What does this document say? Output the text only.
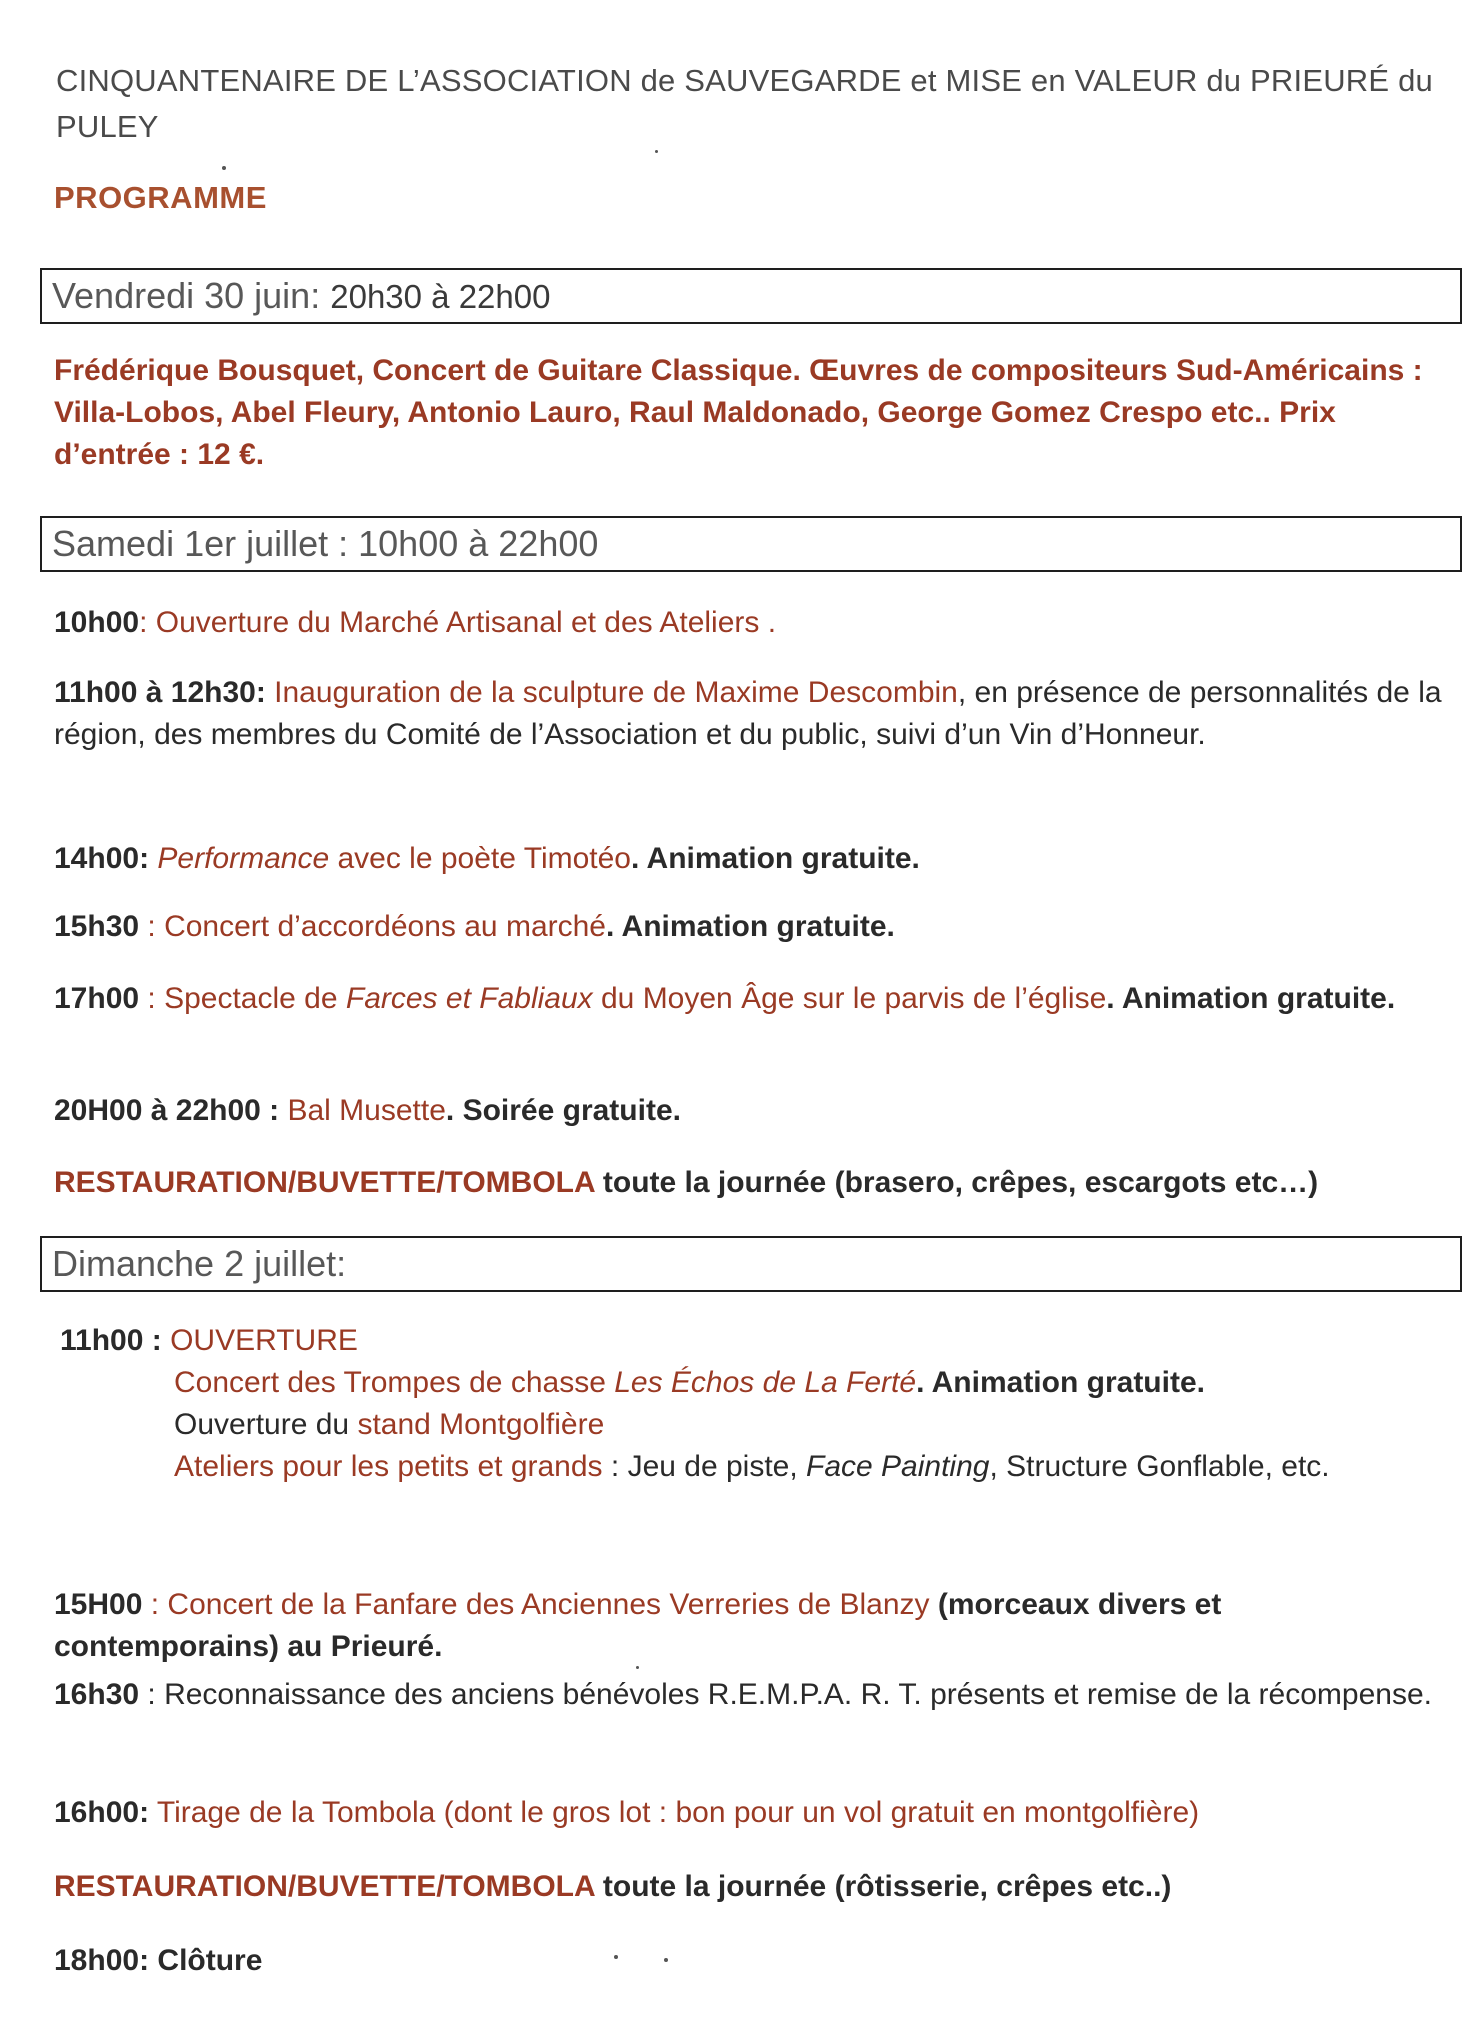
CINQUANTENAIRE DE L’ASSOCIATION de SAUVEGARDE et MISE en VALEUR du PRIEURÉ du PULEY
PROGRAMME
Vendredi 30 juin: 20h30 à 22h00
Frédérique Bousquet, Concert de Guitare Classique. Œuvres de compositeurs Sud-Américains : Villa-Lobos, Abel Fleury, Antonio Lauro, Raul Maldonado, George Gomez Crespo etc.. Prix d’entrée : 12 €.
Samedi 1er juillet : 10h00 à 22h00
10h00: Ouverture du Marché Artisanal et des Ateliers .
11h00 à 12h30: Inauguration de la sculpture de Maxime Descombin, en présence de personnalités de la région, des membres du Comité de l’Association et du public, suivi d’un Vin d’Honneur.
14h00: Performance avec le poète Timotéo. Animation gratuite.
15h30 : Concert d’accordéons au marché. Animation gratuite.
17h00 : Spectacle de Farces et Fabliaux du Moyen Âge sur le parvis de l’église. Animation gratuite.
20H00 à 22h00 : Bal Musette. Soirée gratuite.
RESTAURATION/BUVETTE/TOMBOLA toute la journée (brasero, crêpes, escargots etc…)
Dimanche 2 juillet:
11h00 : OUVERTURE
Concert des Trompes de chasse Les Échos de La Ferté. Animation gratuite.
Ouverture du stand Montgolfière
Ateliers pour les petits et grands : Jeu de piste, Face Painting, Structure Gonflable, etc.
15H00 : Concert de la Fanfare des Anciennes Verreries de Blanzy (morceaux divers et contemporains) au Prieuré.
16h30 : Reconnaissance des anciens bénévoles R.E.M.P.A. R. T. présents et remise de la récompense.
16h00: Tirage de la Tombola (dont le gros lot : bon pour un vol gratuit en montgolfière)
RESTAURATION/BUVETTE/TOMBOLA toute la journée (rôtisserie, crêpes etc..)
18h00: Clôture
